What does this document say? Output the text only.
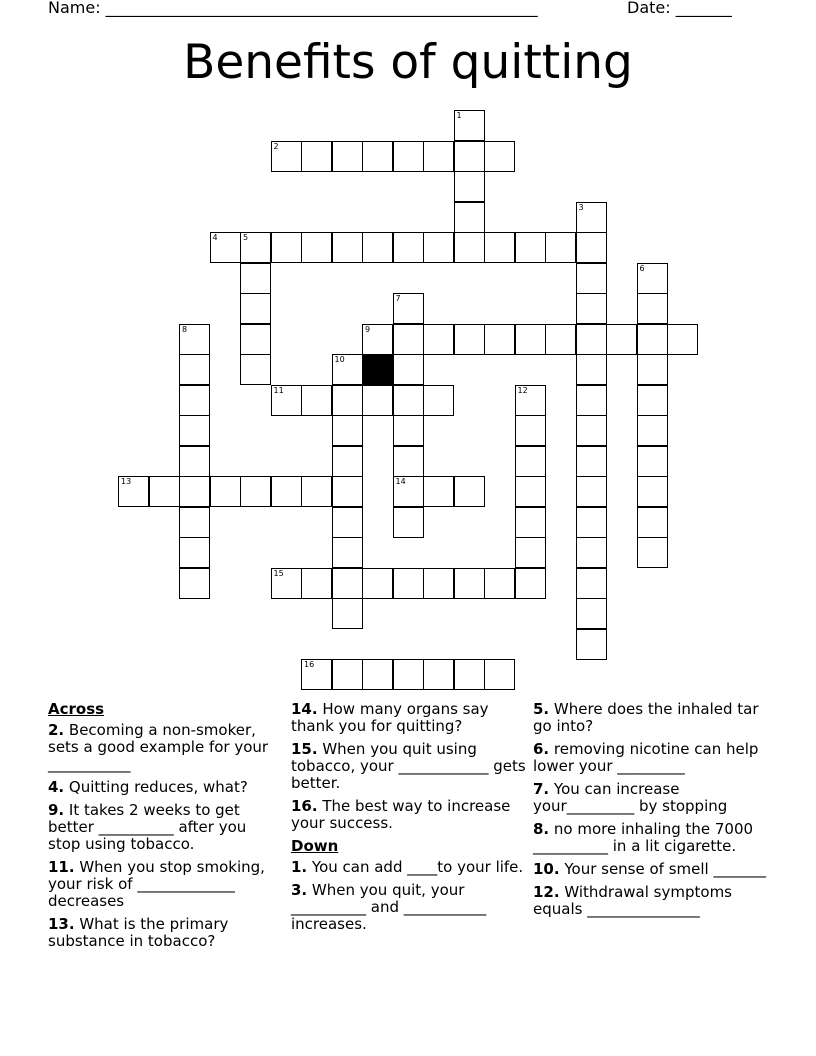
Name: ______________________________________________________	Date: _______
Benefits of quitting
2
4	5
9
11
13	14
15
16
1
3
6
7
8
10
12
Across
2. Becoming a non-smoker, sets a good example for your ___________
4. Quitting reduces, what?
9. It takes 2 weeks to get better __________ after you stop using tobacco.
11. When you stop smoking, your risk of _____________ decreases
13. What is the primary substance in tobacco?
14. How many organs say thank you for quitting?
15. When you quit using tobacco, your ____________ gets better.
16. The best way to increase your success.
Down
1. You can add ____to your life.
3. When you quit, your __________ and ___________ increases.
5. Where does the inhaled tar go into?
6. removing nicotine can help lower your _________
7. You can increase your_________ by stopping
8. no more inhaling the 7000 __________ in a lit cigarette.
10. Your sense of smell _______
12. Withdrawal symptoms equals _______________
